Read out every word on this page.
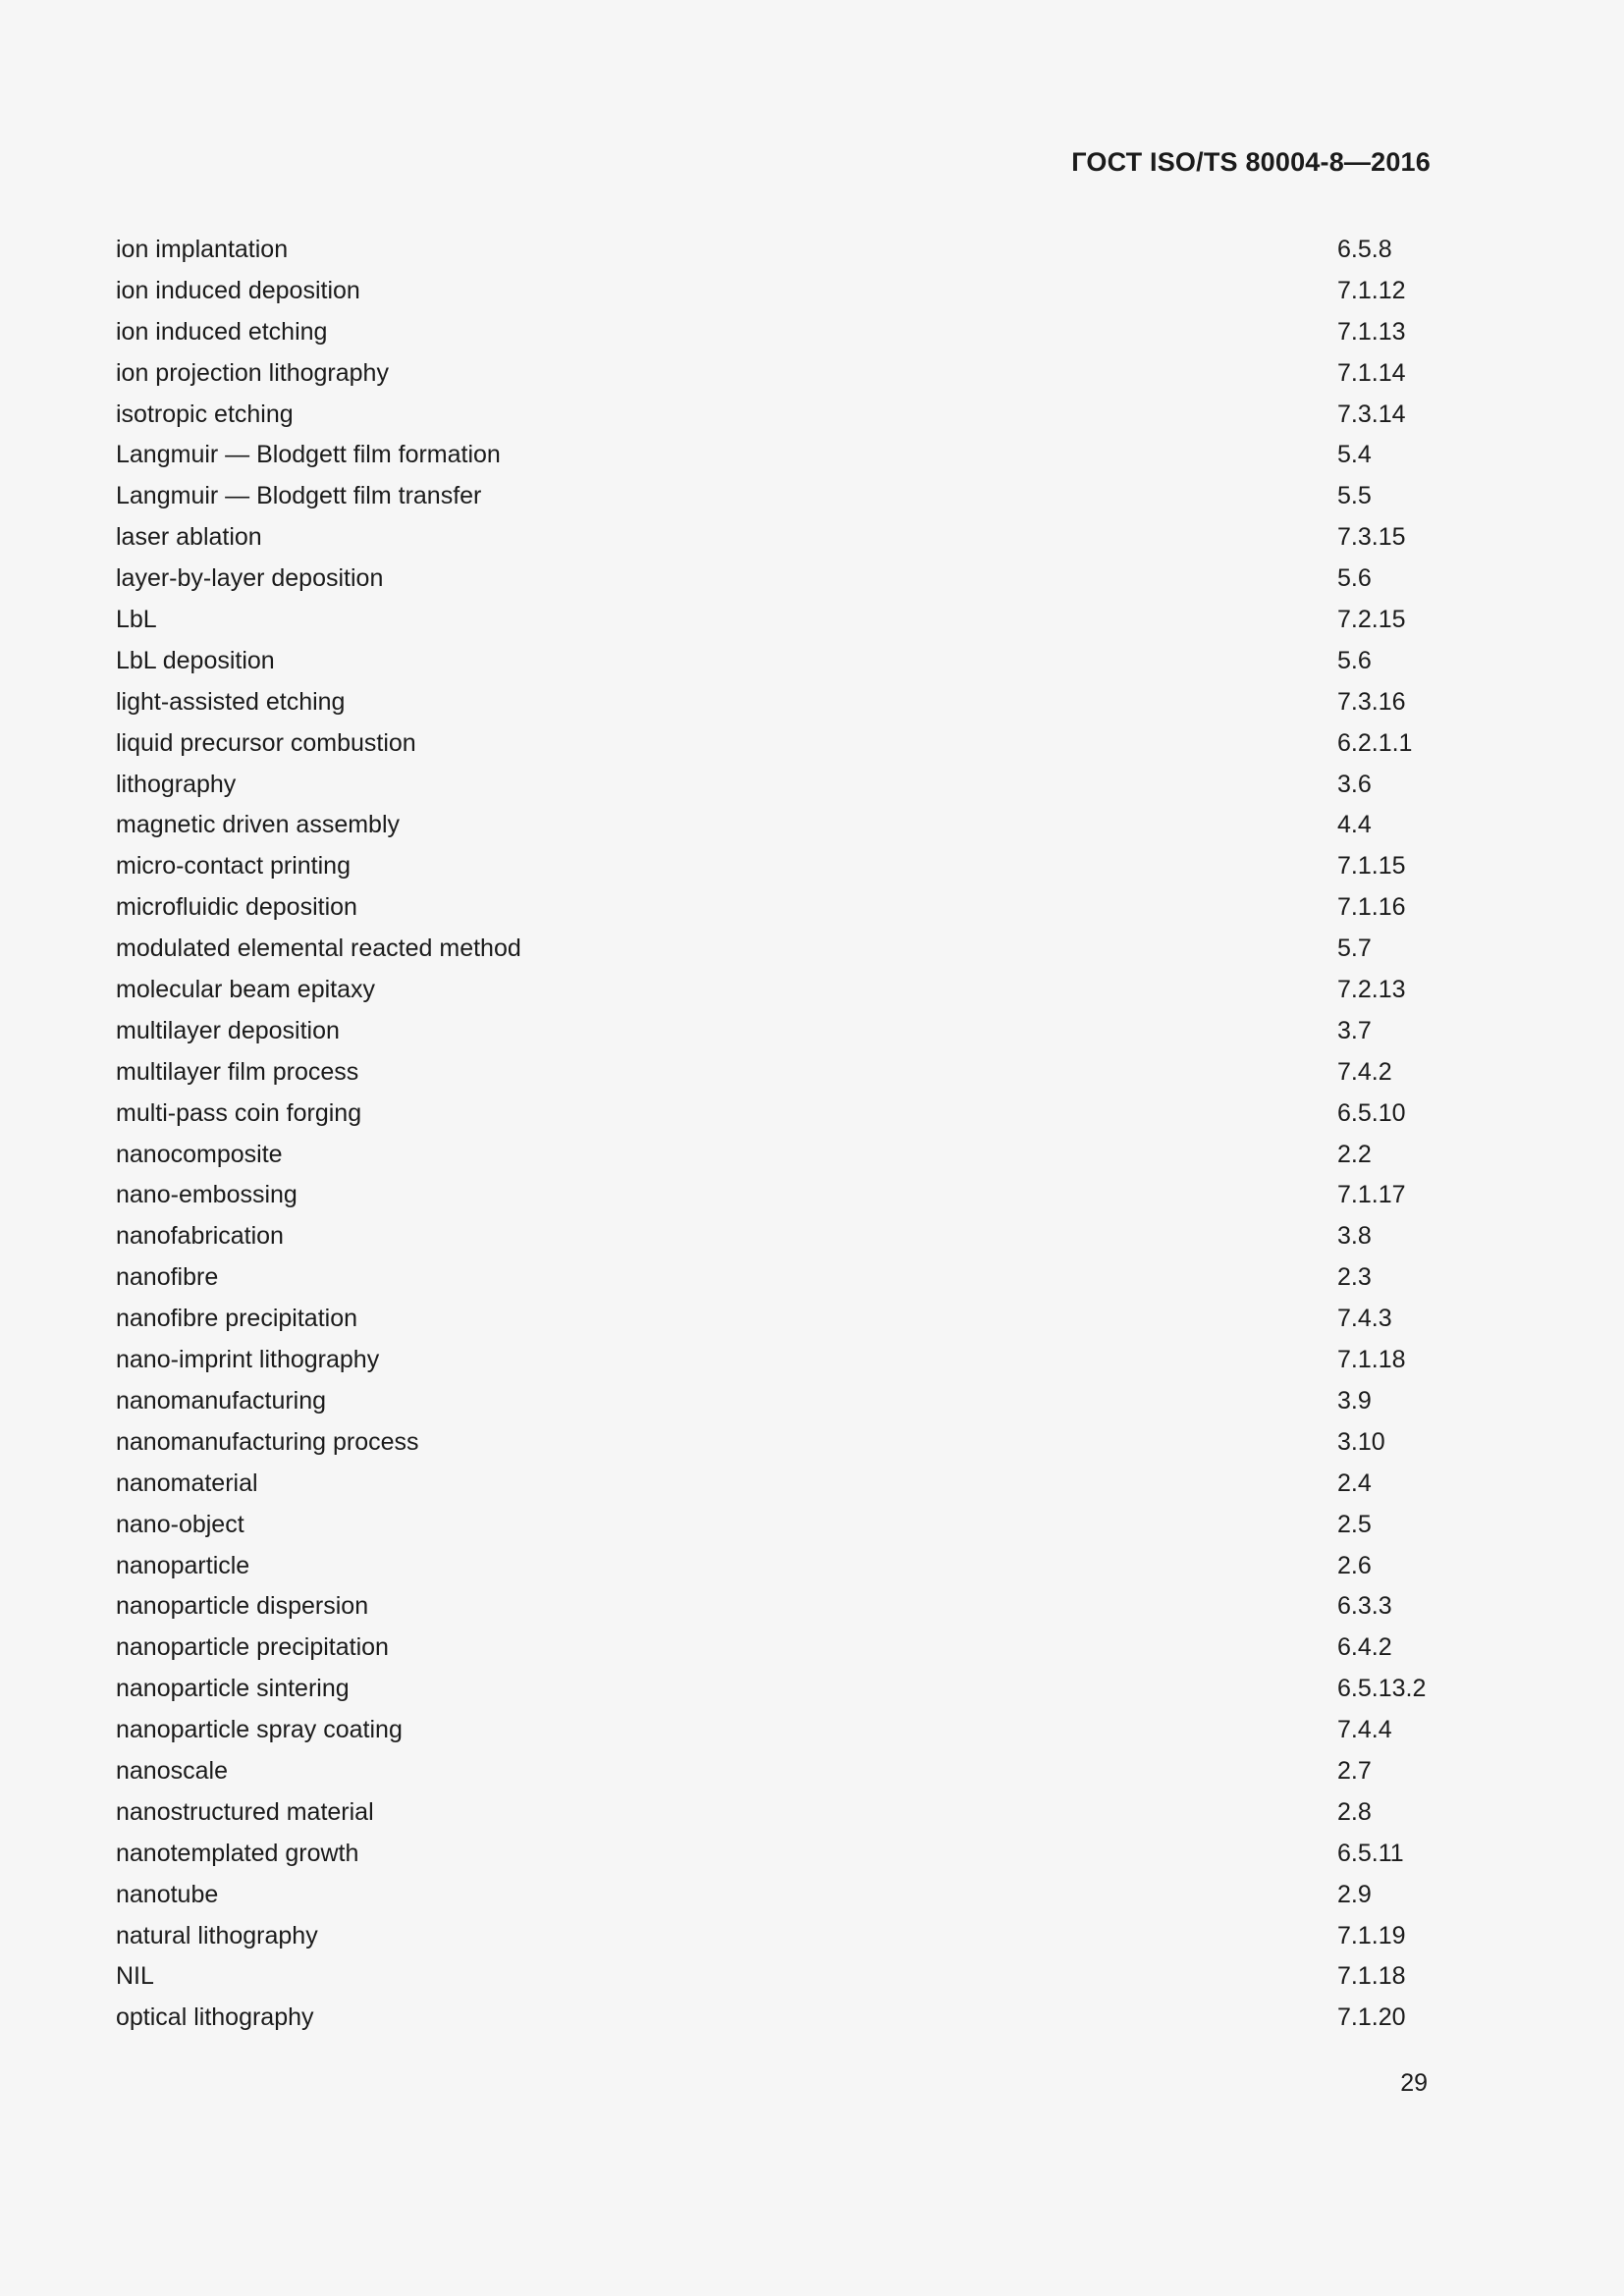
ГОСТ ISO/TS 80004-8—2016
ion implantation	6.5.8
ion induced deposition	7.1.12
ion induced etching	7.1.13
ion projection lithography	7.1.14
isotropic etching	7.3.14
Langmuir — Blodgett film formation	5.4
Langmuir — Blodgett film transfer	5.5
laser ablation	7.3.15
layer-by-layer deposition	5.6
LbL	7.2.15
LbL deposition	5.6
light-assisted etching	7.3.16
liquid precursor combustion	6.2.1.1
lithography	3.6
magnetic driven assembly	4.4
micro-contact printing	7.1.15
microfluidic deposition	7.1.16
modulated elemental reacted method	5.7
molecular beam epitaxy	7.2.13
multilayer deposition	3.7
multilayer film process	7.4.2
multi-pass coin forging	6.5.10
nanocomposite	2.2
nano-embossing	7.1.17
nanofabrication	3.8
nanofibre	2.3
nanofibre precipitation	7.4.3
nano-imprint lithography	7.1.18
nanomanufacturing	3.9
nanomanufacturing process	3.10
nanomaterial	2.4
nano-object	2.5
nanoparticle	2.6
nanoparticle dispersion	6.3.3
nanoparticle precipitation	6.4.2
nanoparticle sintering	6.5.13.2
nanoparticle spray coating	7.4.4
nanoscale	2.7
nanostructured material	2.8
nanotemplated growth	6.5.11
nanotube	2.9
natural lithography	7.1.19
NIL	7.1.18
optical lithography	7.1.20
29
